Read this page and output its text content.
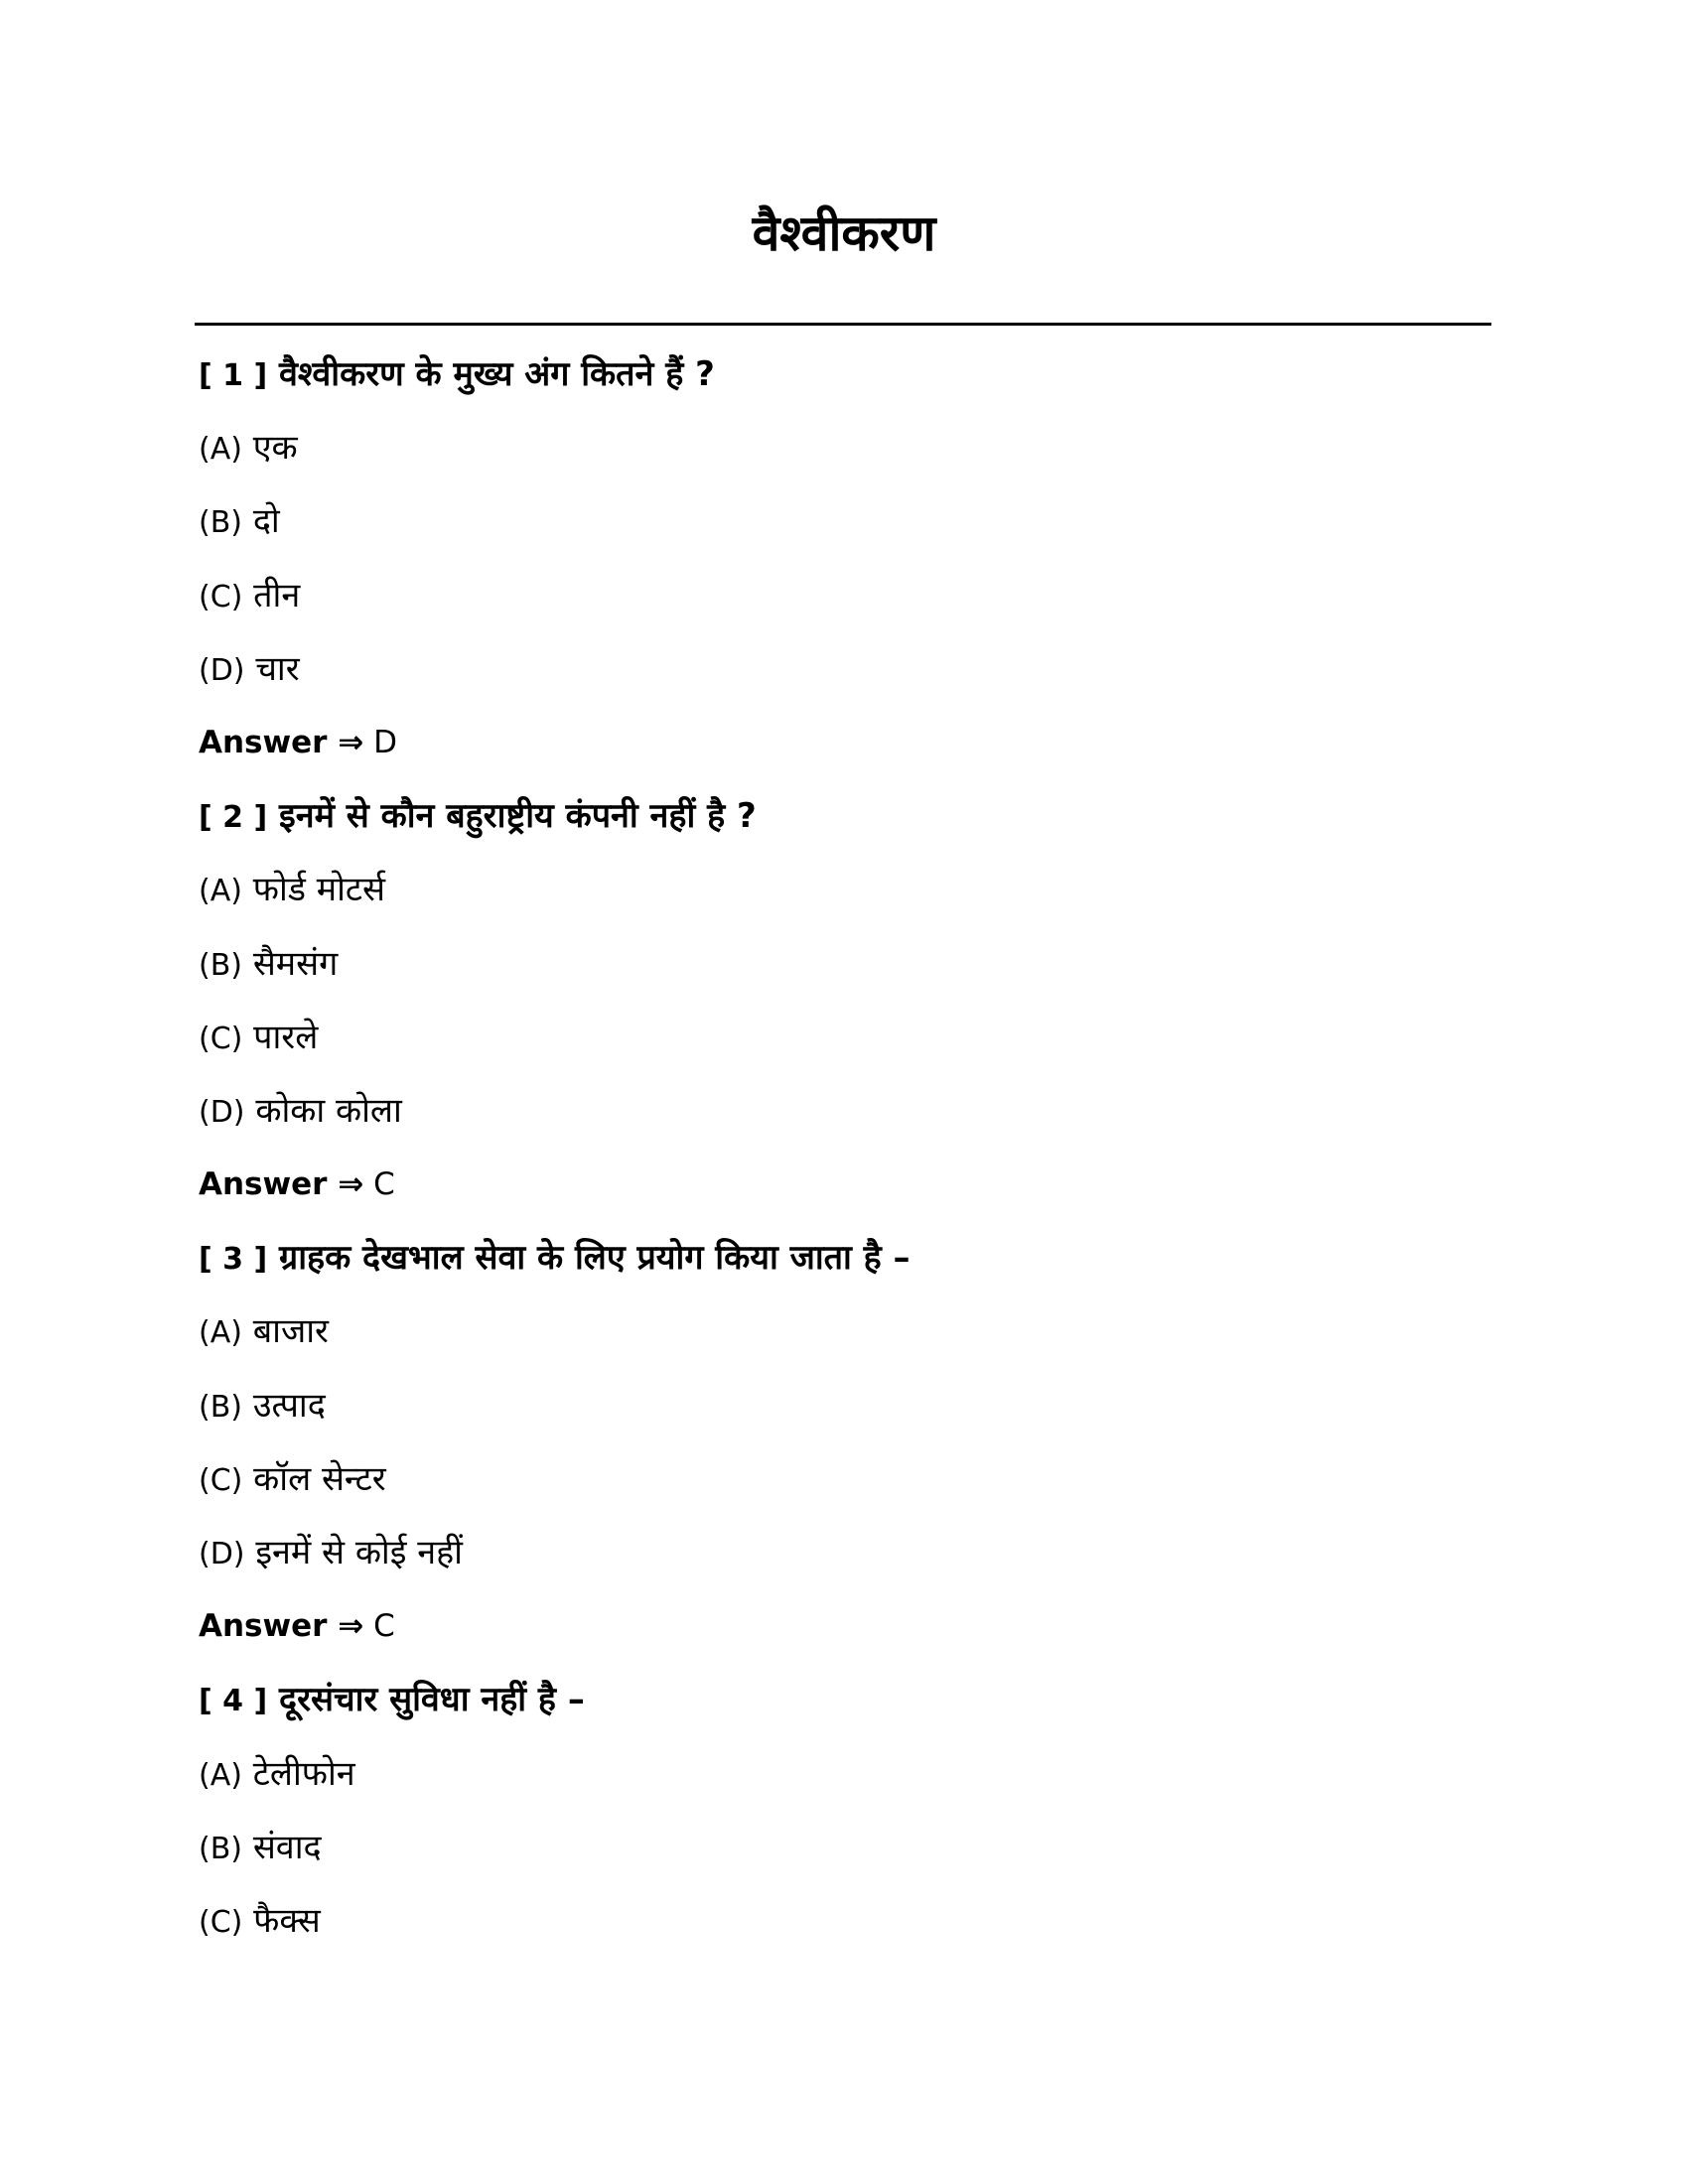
वैश्वीकरण
[ 1 ] वैश्वीकरण के मुख्य अंग कितने हैं ?
(A) एक
(B) दो
(C) तीन
(D) चार
Answer ⇒ D
[ 2 ] इनमें से कौन बहुराष्ट्रीय कंपनी नहीं है ?
(A) फोर्ड मोटर्स
(B) सैमसंग
(C) पारले
(D) कोका कोला
Answer ⇒ C
[ 3 ] ग्राहक देखभाल सेवा के लिए प्रयोग किया जाता है –
(A) बाजार
(B) उत्पाद
(C) कॉल सेन्टर
(D) इनमें से कोई नहीं
Answer ⇒ C
[ 4 ] दूरसंचार सुविधा नहीं है –
(A) टेलीफोन
(B) संवाद
(C) फैक्स
